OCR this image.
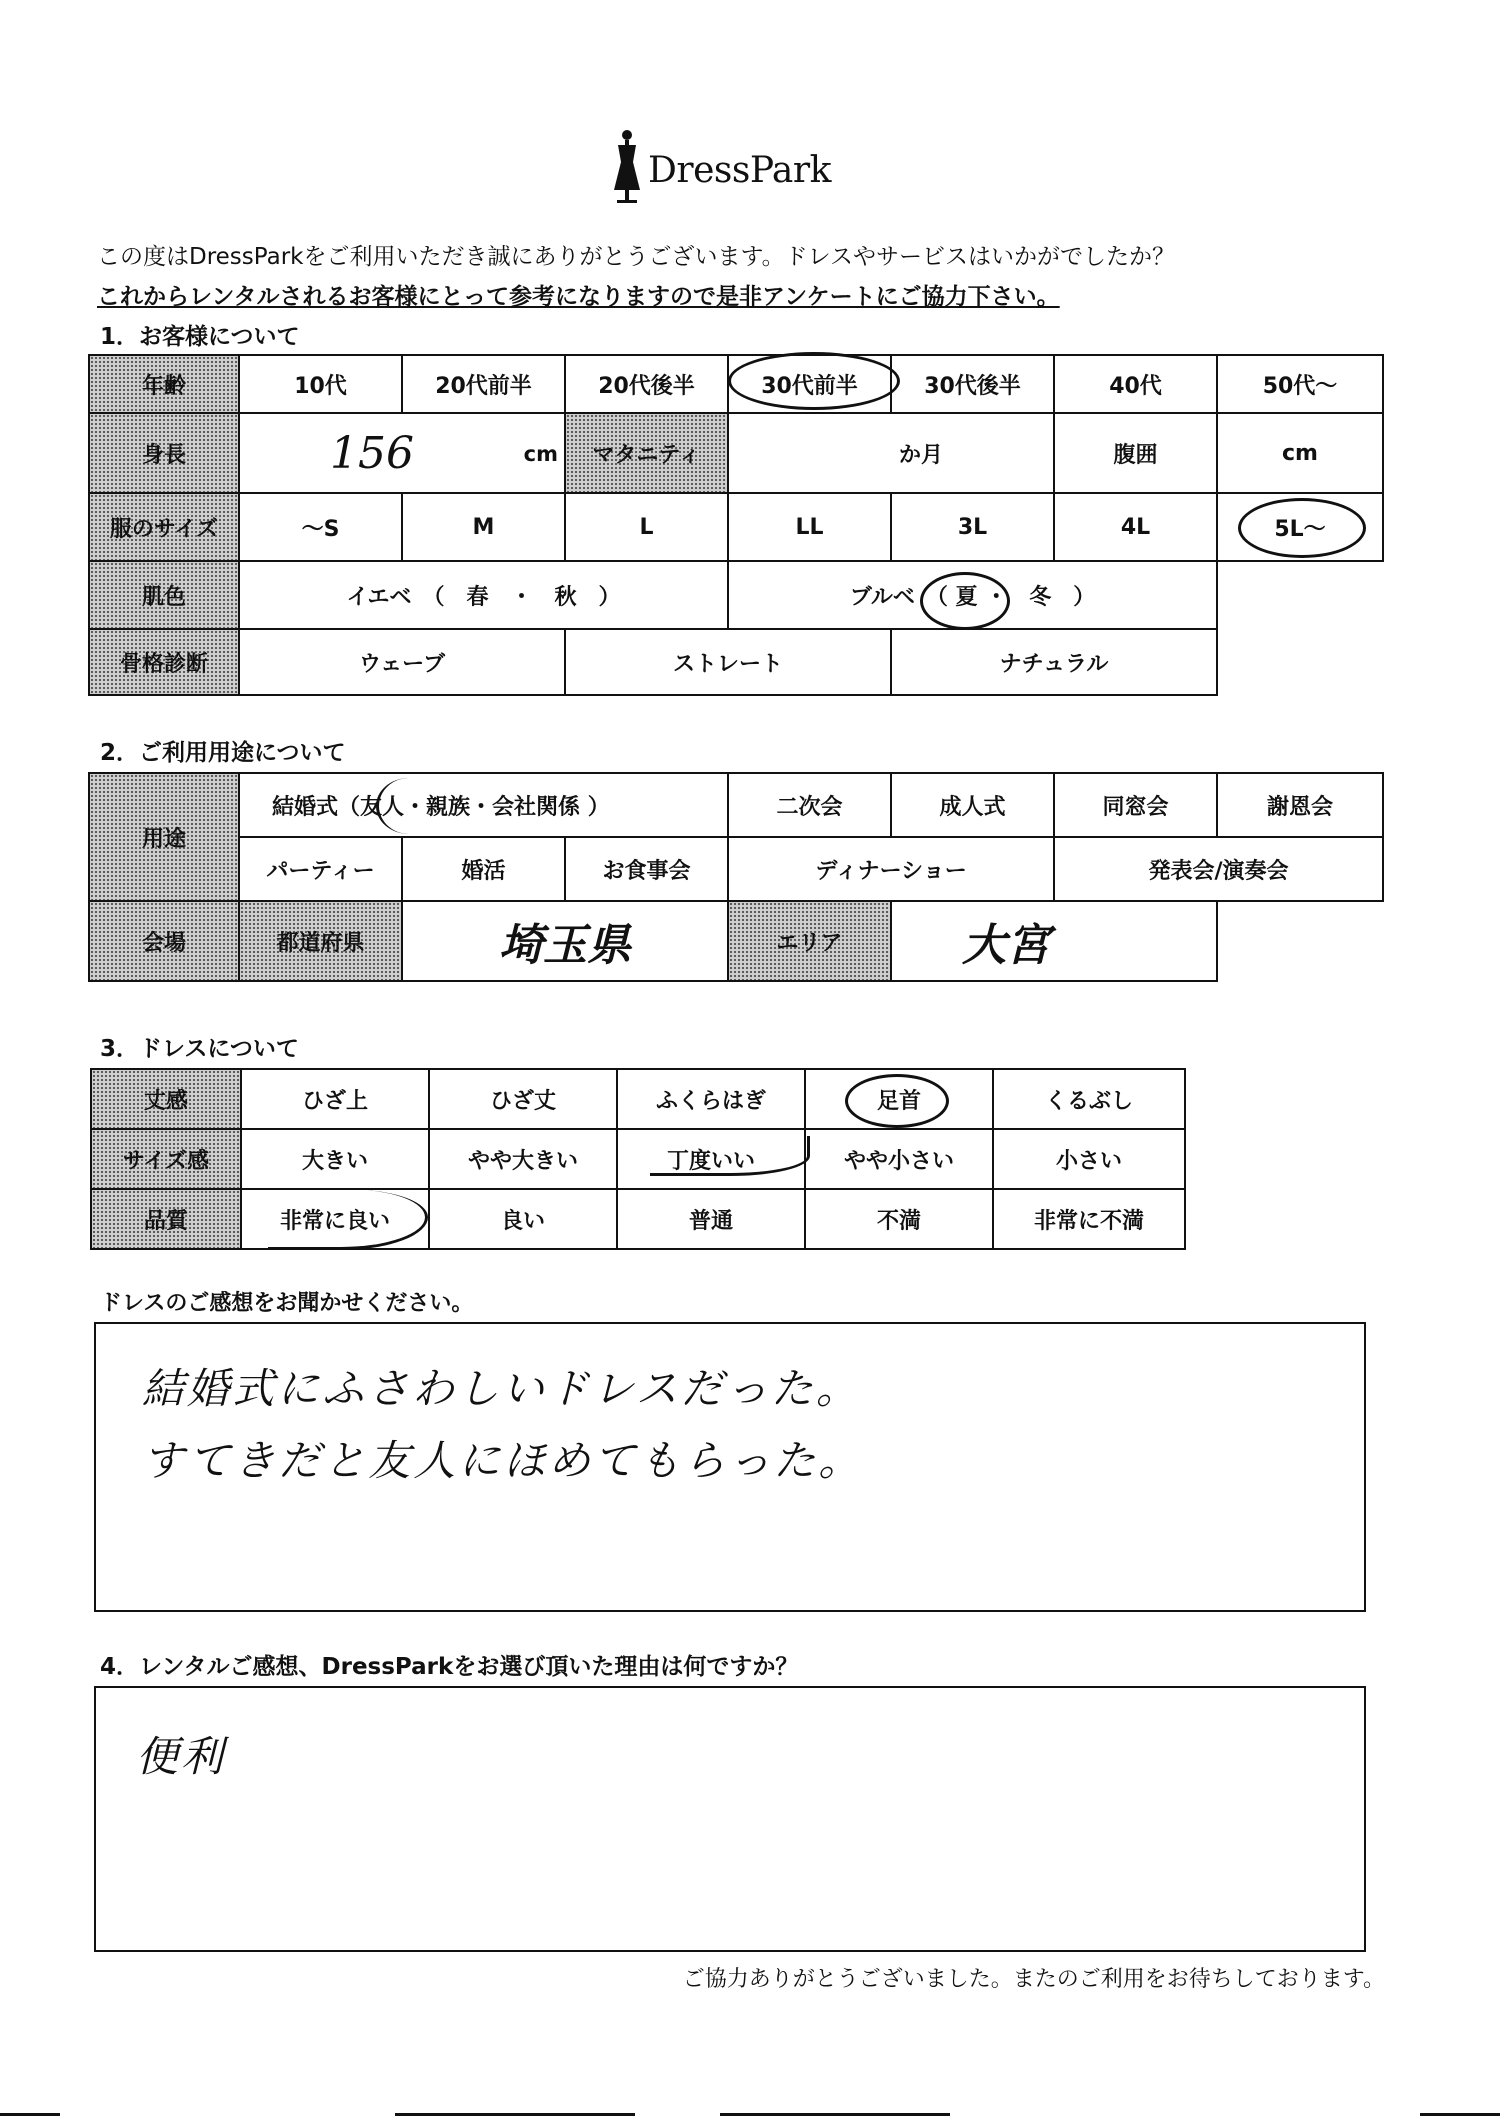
DressPark
この度はDressParkをご利用いただき誠にありがとうございます。ドレスやサービスはいかがでしたか？
これからレンタルされるお客様にとって参考になりますので是非アンケートにご協力下さい。
1．お客様について
年齢	10代	20代前半	20代後半	30代前半	30代後半	40代	50代～
身長	156 cm		マタニティ	か月		腹囲	cm
服のサイズ	～S	M	L	LL	3L	4L	5L～
肌色	イエベ　（　春　・　秋　）			ブルベ　（ 夏 ・　冬　）			
骨格診断	ウェーブ		ストレート		ナチュラル		
2．ご利用用途について
用途	結婚式（友人・親族・会社関係 ）			二次会	成人式	同窓会	謝恩会
	パーティー	婚活	お食事会	ディナーショー		発表会/演奏会	
会場	都道府県	埼玉県		エリア	大宮		
3．ドレスについて
丈感	ひざ上	ひざ丈	ふくらはぎ	足首	くるぶし
サイズ感	大きい	やや大きい	丁度いい	やや小さい	小さい
品質	非常に良い	良い	普通	不満	非常に不満
ドレスのご感想をお聞かせください。
結婚式にふさわしいドレスだった。
すてきだと友人にほめてもらった。
4．レンタルご感想、DressParkをお選び頂いた理由は何ですか？
便利
ご協力ありがとうございました。またのご利用をお待ちしております。
